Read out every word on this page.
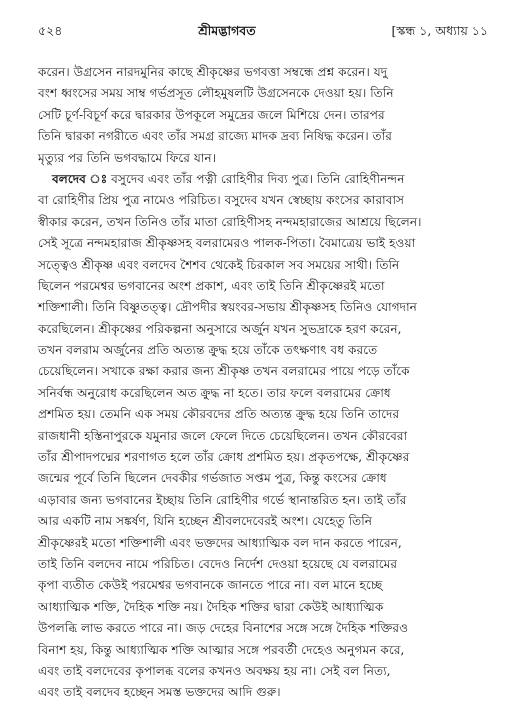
৫২৪	শ্রীমদ্ভাগবত	[স্কন্ধ ১, অধ্যায় ১১
করেন। উগ্রসেন নারদমুনির কাছে শ্রীকৃষ্ণের ভগবত্তা সম্বন্ধে প্রশ্ন করেন। যদু
বংশ ধ্বংসের সময় সাম্ব গর্ভপ্রসূত লৌহমুষলটি উগ্রসেনকে দেওয়া হয়। তিনি
সেটি চূর্ণ-বিচূর্ণ করে দ্বারকার উপকূলে সমুদ্রের জলে মিশিয়ে দেন। তারপর
তিনি দ্বারকা নগরীতে এবং তাঁর সমগ্র রাজ্যে মাদক দ্রব্য নিষিদ্ধ করেন। তাঁর
মৃত্যুর পর তিনি ভগবদ্ধামে ফিরে যান।
বলদেব ঃ বসুদেব এবং তাঁর পত্নী রোহিণীর দিব্য পুত্র। তিনি রোহিণীনন্দন
বা রোহিণীর প্রিয় পুত্র নামেও পরিচিত। বসুদেব যখন স্বেচ্ছায় কংসের কারাবাস
স্বীকার করেন, তখন তিনিও তাঁর মাতা রোহিণীসহ নন্দমহারাজের আশ্রয়ে ছিলেন।
সেই সূত্রে নন্দমহারাজ শ্রীকৃষ্ণসহ বলরামেরও পালক-পিতা। বৈমাত্রেয় ভাই হওয়া
সত্ত্বেও শ্রীকৃষ্ণ এবং বলদেব শৈশব থেকেই চিরকাল সব সময়ের সাথী। তিনি
ছিলেন পরমেশ্বর ভগবানের অংশ প্রকাশ, এবং তাই তিনি শ্রীকৃষ্ণেরই মতো
শক্তিশালী। তিনি বিষ্ণুতত্ত্ব। দ্রৌপদীর স্বয়ংবর-সভায় শ্রীকৃষ্ণসহ তিনিও যোগদান
করেছিলেন। শ্রীকৃষ্ণের পরিকল্পনা অনুসারে অর্জুন যখন সুভদ্রাকে হরণ করেন,
তখন বলরাম অর্জুনের প্রতি অত্যন্ত ক্রুদ্ধ হয়ে তাঁকে তৎক্ষণাৎ বধ করতে
চেয়েছিলেন। সখাকে রক্ষা করার জন্য শ্রীকৃষ্ণ তখন বলরামের পায়ে পড়ে তাঁকে
সনির্বন্ধ অনুরোধ করেছিলেন অত ক্রুদ্ধ না হতে। তার ফলে বলরামের ক্রোধ
প্রশমিত হয়। তেমনি এক সময় কৌরবদের প্রতি অত্যন্ত ক্রুদ্ধ হয়ে তিনি তাদের
রাজধানী হস্তিনাপুরকে যমুনার জলে ফেলে দিতে চেয়েছিলেন। তখন কৌরবেরা
তাঁর শ্রীপাদপদ্মের শরণাগত হলে তাঁর ক্রোধ প্রশমিত হয়। প্রকৃতপক্ষে, শ্রীকৃষ্ণের
জন্মের পূর্বে তিনি ছিলেন দেবকীর গর্ভজাত সপ্তম পুত্র, কিন্তু কংসের ক্রোধ
এড়াবার জন্য ভগবানের ইচ্ছায় তিনি রোহিণীর গর্ভে স্থানান্তরিত হন। তাই তাঁর
আর একটি নাম সঙ্কর্ষণ, যিনি হচ্ছেন শ্রীবলদেবেরই অংশ। যেহেতু তিনি
শ্রীকৃষ্ণেরই মতো শক্তিশালী এবং ভক্তদের আধ্যাত্মিক বল দান করতে পারেন,
তাই তিনি বলদেব নামে পরিচিত। বেদেও নির্দেশ দেওয়া হয়েছে যে বলরামের
কৃপা ব্যতীত কেউই পরমেশ্বর ভগবানকে জানতে পারে না। বল মানে হচ্ছে
আধ্যাত্মিক শক্তি, দৈহিক শক্তি নয়। দৈহিক শক্তির দ্বারা কেউই আধ্যাত্মিক
উপলব্ধি লাভ করতে পারে না। জড় দেহের বিনাশের সঙ্গে সঙ্গে দৈহিক শক্তিরও
বিনাশ হয়, কিন্তু আধ্যাত্মিক শক্তি আত্মার সঙ্গে পরবর্তী দেহেও অনুগমন করে,
এবং তাই বলদেবের কৃপালব্ধ বলের কখনও অবক্ষয় হয় না। সেই বল নিত্য,
এবং তাই বলদেব হচ্ছেন সমস্ত ভক্তদের আদি গুরু।
